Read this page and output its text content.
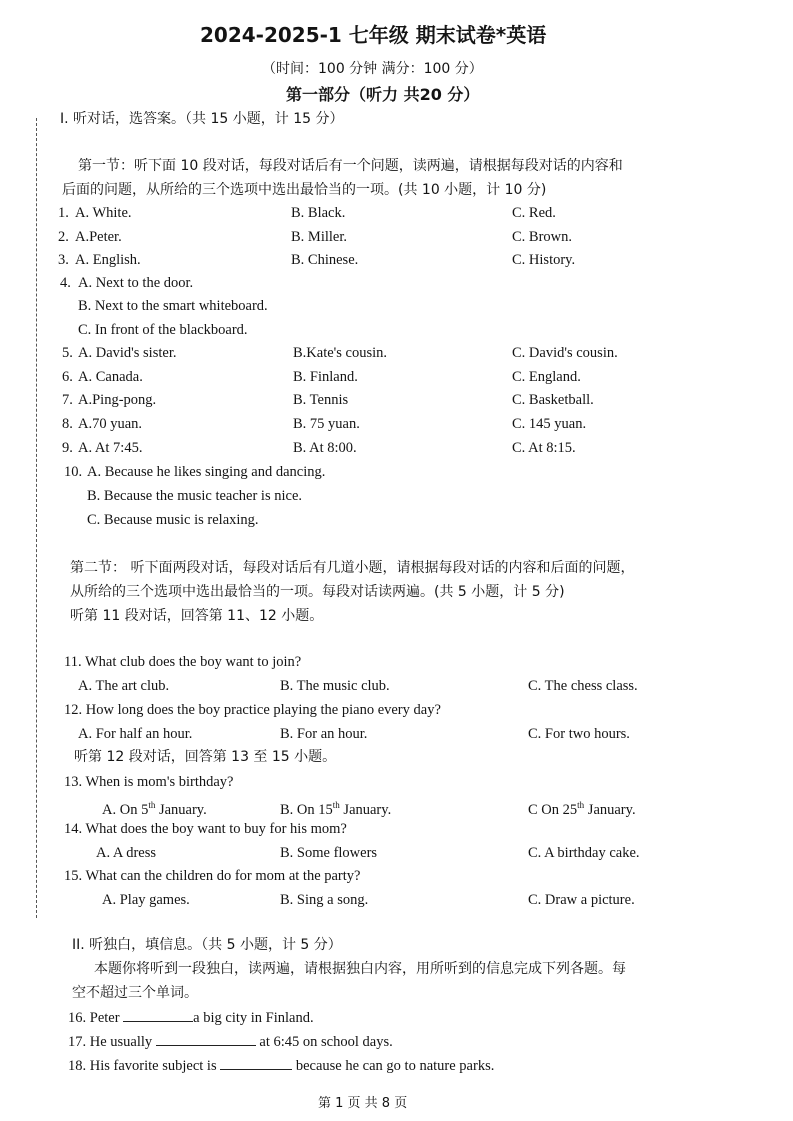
2024-2025-1 七年级 期末试卷*英语
（时间：100 分钟 满分：100 分）
第一部分（听力 共20 分）
I. 听对话，选答案。（共 15 小题，计 15 分）
第一节：听下面 10 段对话，每段对话后有一个问题，读两遍，请根据每段对话的内容和
后面的问题，从所给的三个选项中选出最恰当的一项。(共 10 小题，计 10 分)
1. A. White.	B. Black.	C. Red.
2. A.Peter.	B. Miller.	C. Brown.
3. A. English.	B. Chinese.	C. History.
4. A. Next to the door.
B. Next to the smart whiteboard.
C. In front of the blackboard.
5. A. David's sister.	B.Kate's cousin.	C. David's cousin.
6. A. Canada.	B. Finland.	C. England.
7. A.Ping-pong.	B. Tennis	C. Basketball.
8. A.70 yuan.	B. 75 yuan.	C. 145 yuan.
9. A. At 7:45.	B. At 8:00.	C. At 8:15.
10. A. Because he likes singing and dancing.
B. Because the music teacher is nice.
C. Because music is relaxing.
第二节： 听下面两段对话，每段对话后有几道小题，请根据每段对话的内容和后面的问题，
从所给的三个选项中选出最恰当的一项。每段对话读两遍。(共 5 小题，计 5 分)
听第 11 段对话，回答第 11、12 小题。
11. What club does the boy want to join?
A. The art club.	B. The music club.	C. The chess class.
12. How long does the boy practice playing the piano every day?
A. For half an hour.	B. For an hour.	C. For two hours.
听第 12 段对话，回答第 13 至 15 小题。
13. When is mom's birthday?
A. On 5th January.	B. On 15th January.	C On 25th January.
14. What does the boy want to buy for his mom?
A. A dress	B. Some flowers	C. A birthday cake.
15. What can the children do for mom at the party?
A. Play games.	B. Sing a song.	C. Draw a picture.
II. 听独白，填信息。（共 5 小题，计 5 分）
本题你将听到一段独白，读两遍，请根据独白内容，用所听到的信息完成下列各题。每
空不超过三个单词。
16. Peter	a big city in Finland.
17. He usually	at 6:45 on school days.
18. His favorite subject is	because he can go to nature parks.
第 1 页 共 8 页
